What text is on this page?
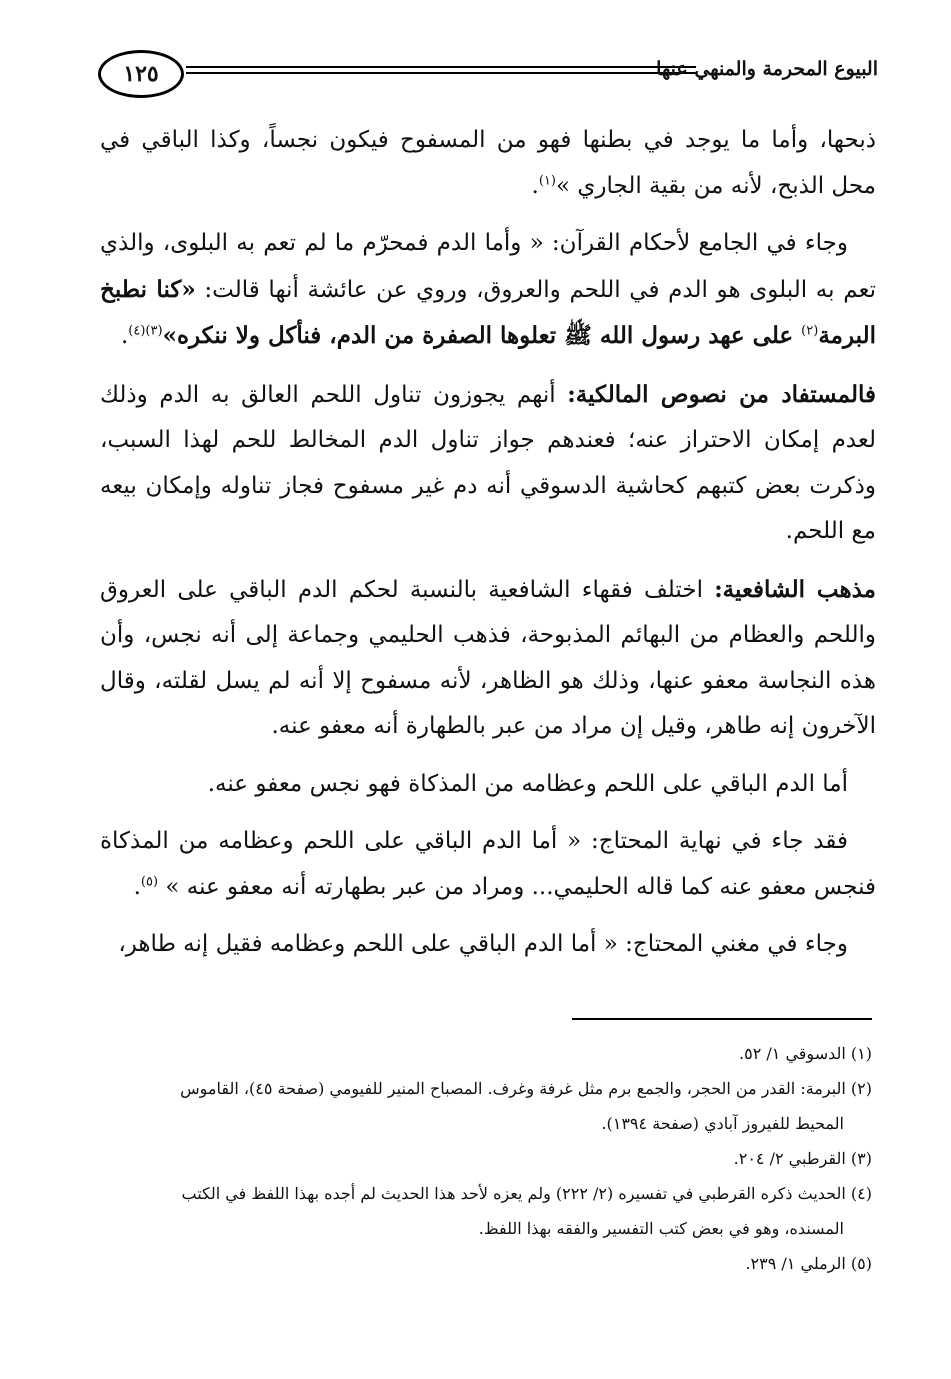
١٢٥	البيوع المحرمة والمنهي عنها

ذبحها، وأما ما يوجد في بطنها فهو من المسفوح فيكون نجساً، وكذا الباقي في محل الذبح، لأنه من بقية الجاري »$^{(١)}$.

وجاء في الجامع لأحكام القرآن: « وأما الدم فمحرّم ما لم تعم به البلوى، والذي تعم به البلوى هو الدم في اللحم والعروق، وروي عن عائشة أنها قالت: «كنا نطبخ البرمة$^{(٢)}$ على عهد رسول الله ﷺ تعلوها الصفرة من الدم، فنأكل ولا ننكره»$^{(٣)(٤)}$.

فالمستفاد من نصوص المالكية: أنهم يجوزون تناول اللحم العالق به الدم وذلك لعدم إمكان الاحتراز عنه؛ فعندهم جواز تناول الدم المخالط للحم لهذا السبب، وذكرت بعض كتبهم كحاشية الدسوقي أنه دم غير مسفوح فجاز تناوله وإمكان بيعه مع اللحم.

مذهب الشافعية: اختلف فقهاء الشافعية بالنسبة لحكم الدم الباقي على العروق واللحم والعظام من البهائم المذبوحة، فذهب الحليمي وجماعة إلى أنه نجس، وأن هذه النجاسة معفو عنها، وذلك هو الظاهر، لأنه مسفوح إلا أنه لم يسل لقلته، وقال الآخرون إنه طاهر، وقيل إن مراد من عبر بالطهارة أنه معفو عنه.

أما الدم الباقي على اللحم وعظامه من المذكاة فهو نجس معفو عنه.

فقد جاء في نهاية المحتاج: « أما الدم الباقي على اللحم وعظامه من المذكاة فنجس معفو عنه كما قاله الحليمي... ومراد من عبر بطهارته أنه معفو عنه » $^{(٥)}$.

وجاء في مغني المحتاج: « أما الدم الباقي على اللحم وعظامه فقيل إنه طاهر،

(١) الدسوقي ١/ ٥٢.

(٢) البرمة: القدر من الحجر، والجمع برم مثل غرفة وغرف. المصباح المنير للفيومي (صفحة ٤٥)، القاموس

المحيط للفيروز آبادي (صفحة ١٣٩٤).

(٣) القرطبي ٢/ ٢٠٤.

(٤) الحديث ذكره القرطبي في تفسيره (٢/ ٢٢٢) ولم يعزه لأحد هذا الحديث لم أجده بهذا اللفظ في الكتب

المسنده، وهو في بعض كتب التفسير والفقه بهذا اللفظ.

(٥) الرملي ١/ ٢٣٩.
